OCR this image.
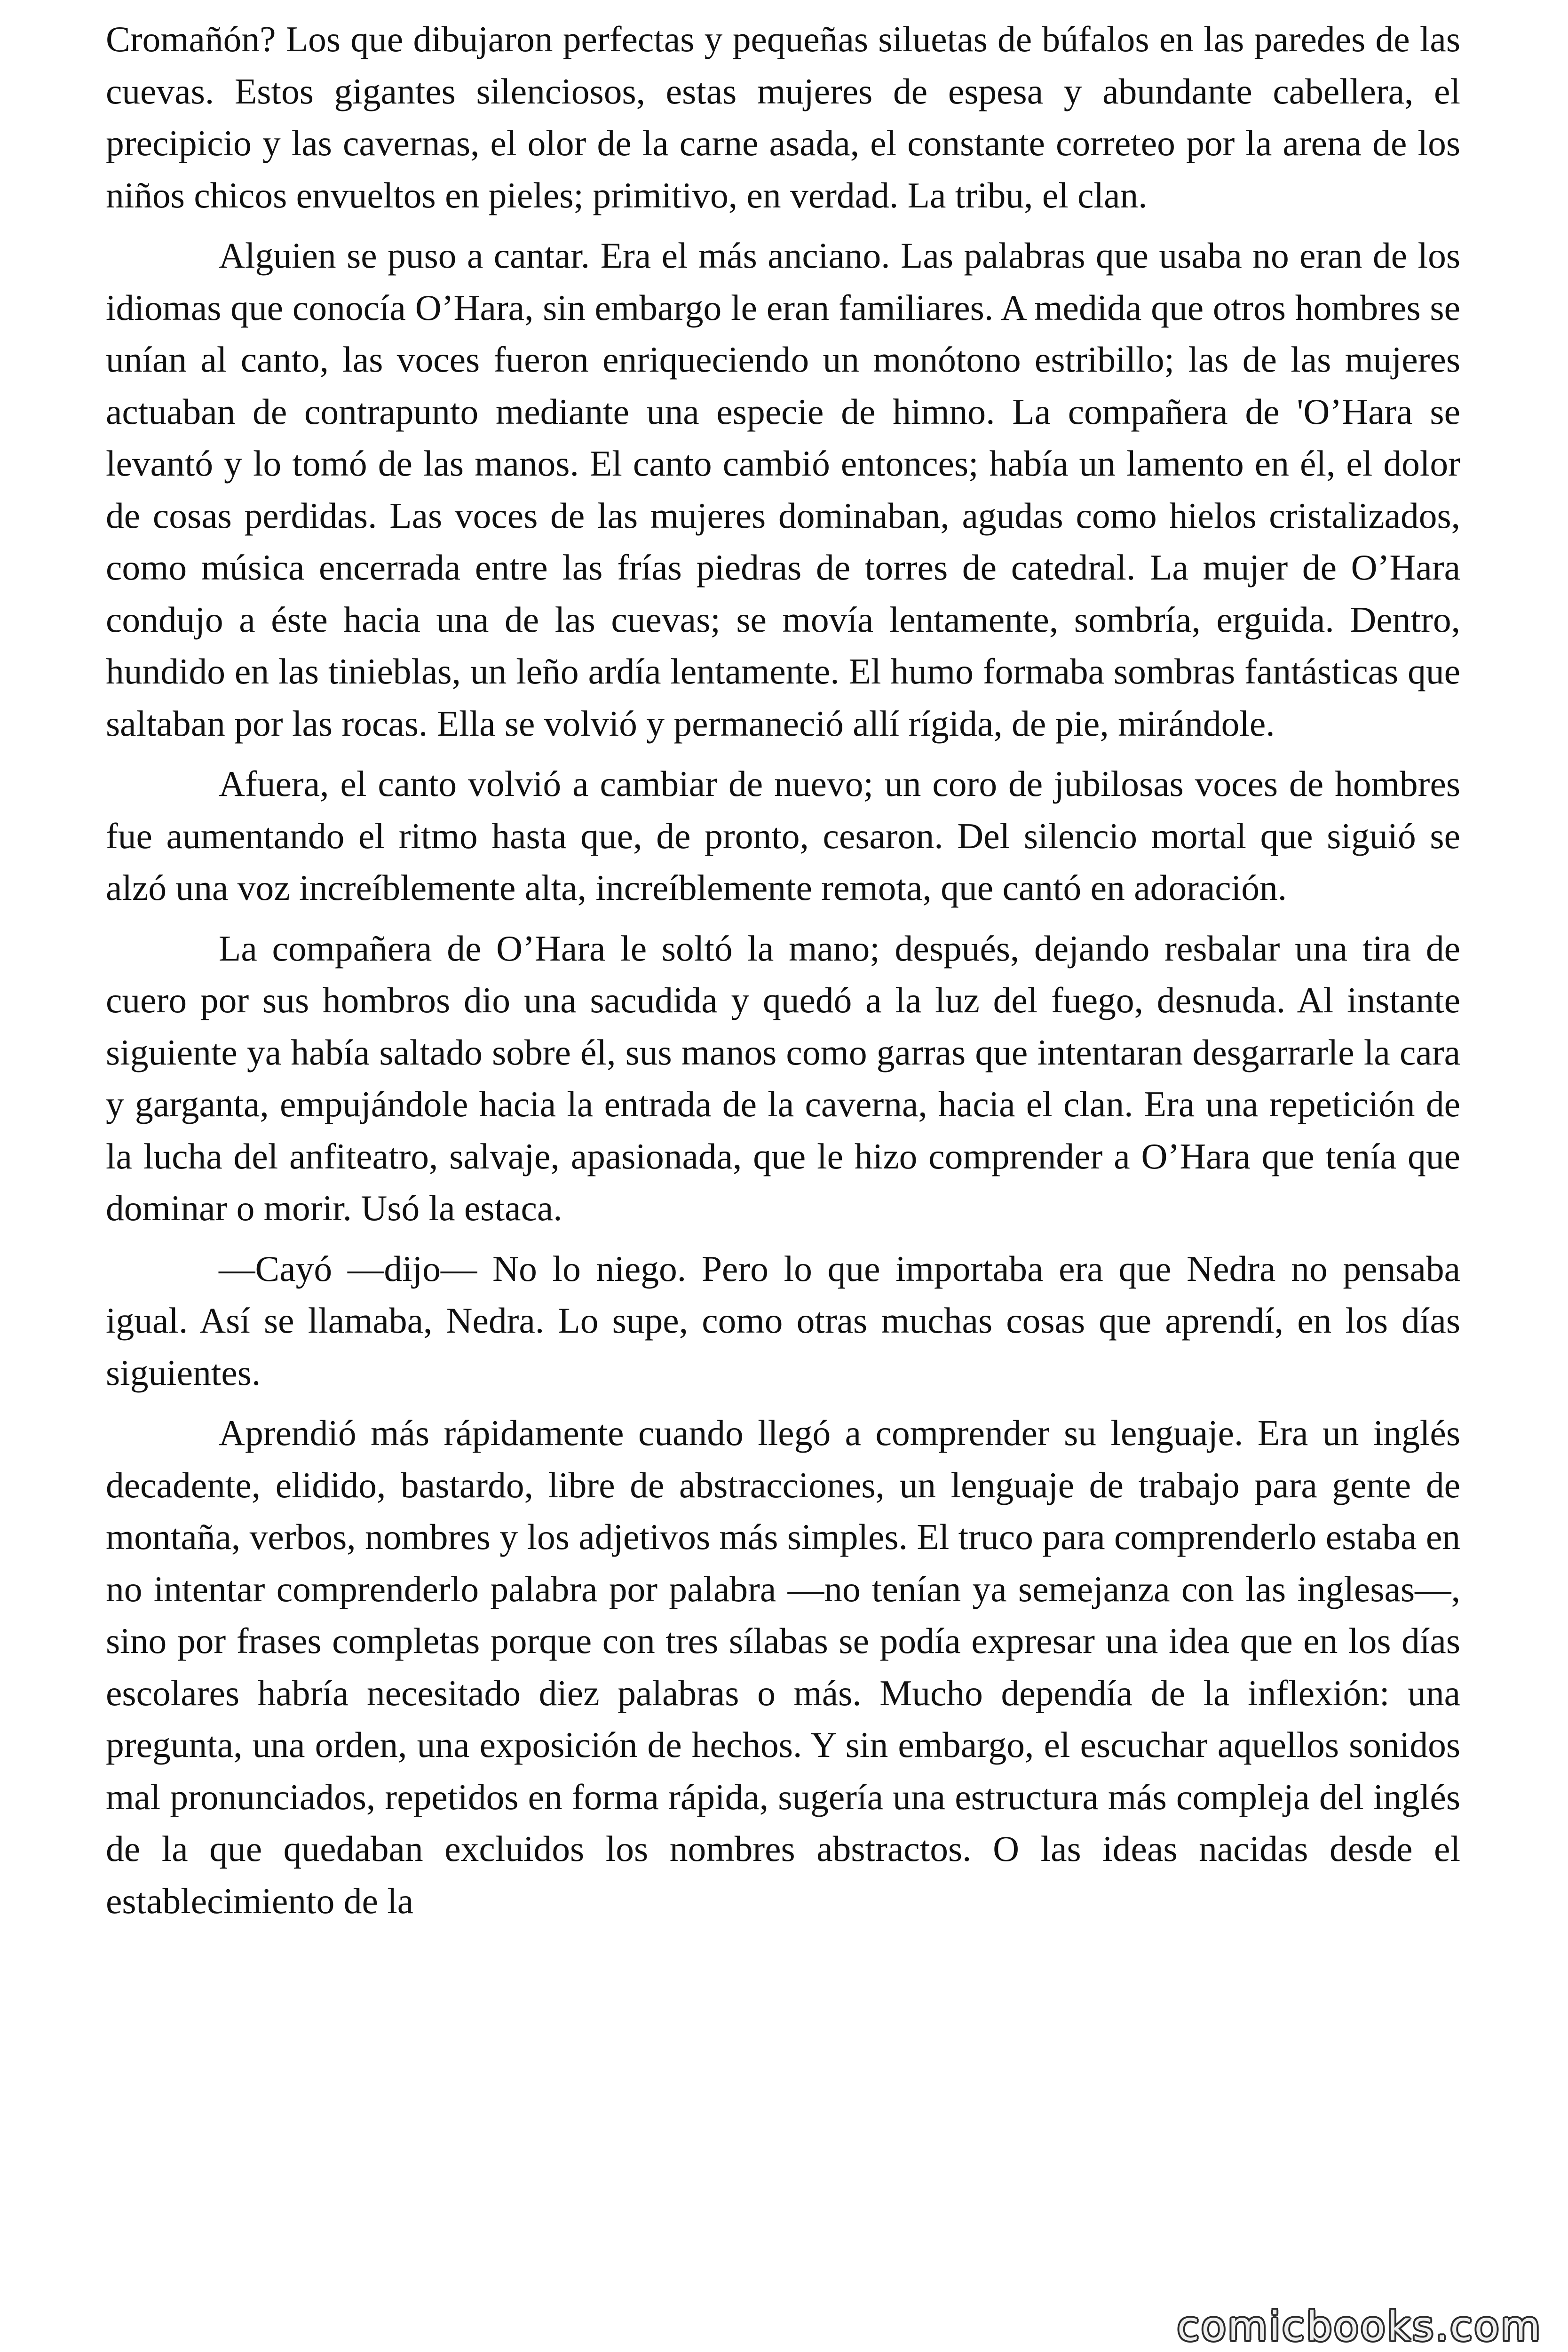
Cromañón? Los que dibujaron perfectas y pequeñas siluetas de búfalos en las paredes de las cuevas. Estos gigantes silenciosos, estas mujeres de espesa y abundante cabellera, el precipicio y las cavernas, el olor de la carne asada, el constante correteo por la arena de los niños chicos envueltos en pieles; primitivo, en verdad. La tribu, el clan.

Alguien se puso a cantar. Era el más anciano. Las palabras que usaba no eran de los idiomas que conocía O’Hara, sin embargo le eran familiares. A medida que otros hombres se unían al canto, las voces fueron enriqueciendo un monótono estribillo; las de las mujeres actuaban de contrapunto mediante una especie de himno. La compañera de 'O’Hara se levantó y lo tomó de las manos. El canto cambió entonces; había un lamento en él, el dolor de cosas perdidas. Las voces de las mujeres dominaban, agudas como hielos cristalizados, como música encerrada entre las frías piedras de torres de catedral. La mujer de O’Hara condujo a éste hacia una de las cuevas; se movía lentamente, sombría, erguida. Dentro, hundido en las tinieblas, un leño ardía lentamente. El humo formaba sombras fantásticas que saltaban por las rocas. Ella se volvió y permaneció allí rígida, de pie, mirándole.

Afuera, el canto volvió a cambiar de nuevo; un coro de jubilosas voces de hombres fue aumentando el ritmo hasta que, de pronto, cesaron. Del silencio mortal que siguió se alzó una voz increíblemente alta, increíblemente remota, que cantó en adoración.

La compañera de O’Hara le soltó la mano; después, dejando resbalar una tira de cuero por sus hombros dio una sacudida y quedó a la luz del fuego, desnuda. Al instante siguiente ya había saltado sobre él, sus manos como garras que intentaran desgarrarle la cara y garganta, empujándole hacia la entrada de la caverna, hacia el clan. Era una repetición de la lucha del anfiteatro, salvaje, apasionada, que le hizo comprender a O’Hara que tenía que dominar o morir. Usó la estaca.

—Cayó —dijo— No lo niego. Pero lo que importaba era que Nedra no pensaba igual. Así se llamaba, Nedra. Lo supe, como otras muchas cosas que aprendí, en los días siguientes.

Aprendió más rápidamente cuando llegó a comprender su lenguaje. Era un inglés decadente, elidido, bastardo, libre de abstracciones, un lenguaje de trabajo para gente de montaña, verbos, nombres y los adjetivos más simples. El truco para comprenderlo estaba en no intentar comprenderlo palabra por palabra —no tenían ya semejanza con las inglesas—, sino por frases completas porque con tres sílabas se podía expresar una idea que en los días escolares habría necesitado diez palabras o más. Mucho dependía de la inflexión: una pregunta, una orden, una exposición de hechos. Y sin embargo, el escuchar aquellos sonidos mal pronunciados, repetidos en forma rápida, sugería una estructura más compleja del inglés de la que quedaban excluidos los nombres abstractos. O las ideas nacidas desde el establecimiento de la

comicbooks.com
